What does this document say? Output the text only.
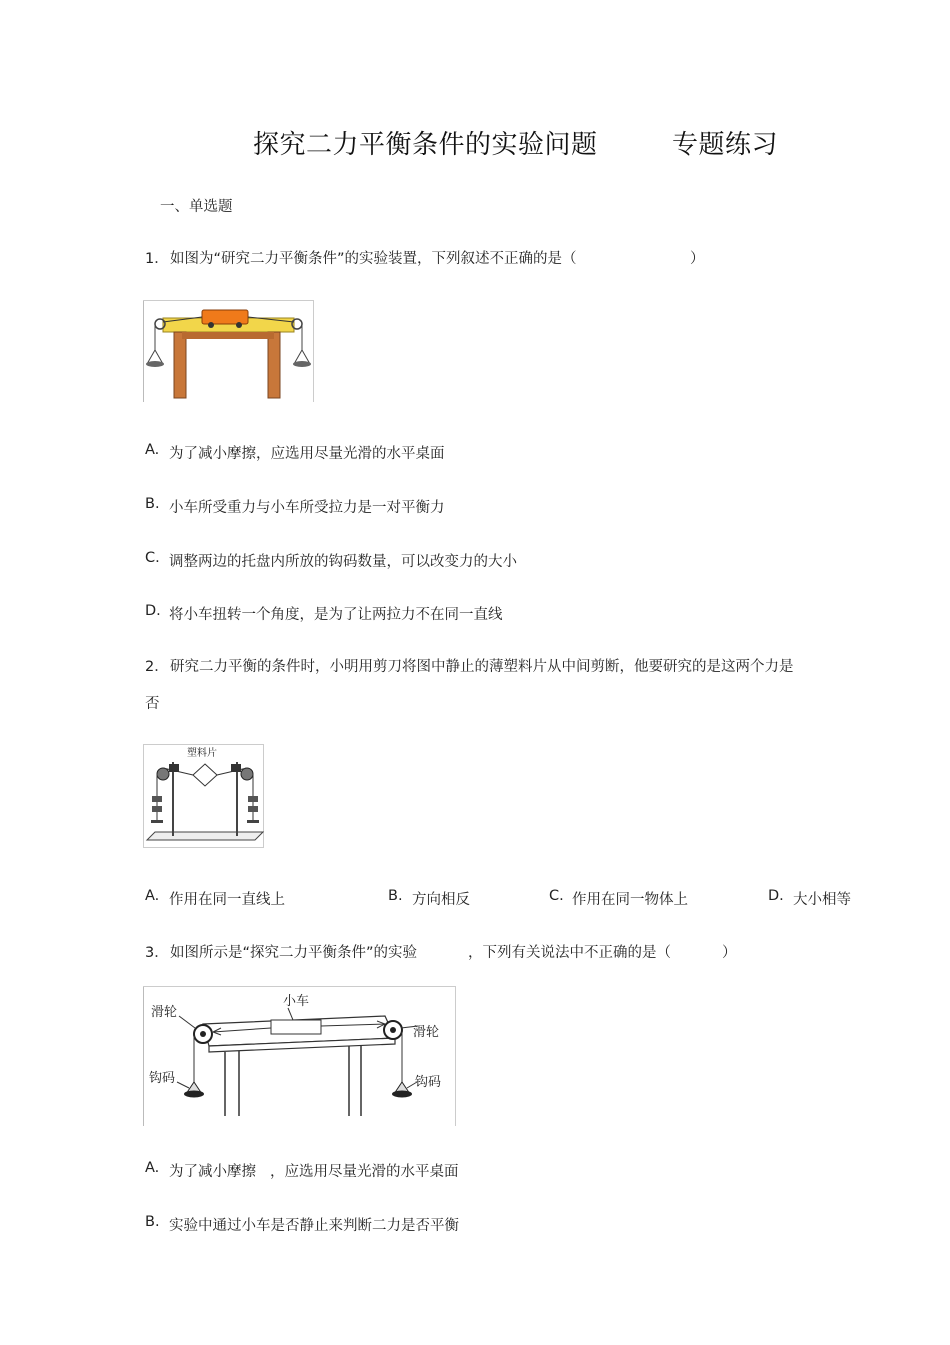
探究二力平衡条件的实验问题	专题练习
一、单选题
1． 如图为“研究二力平衡条件”的实验装置，下列叙述不正确的是（	）
A. 为了减小摩擦，应选用尽量光滑的水平桌面
B. 小车所受重力与小车所受拉力是一对平衡力
C. 调整两边的托盘内所放的钩码数量，可以改变力的大小
D. 将小车扭转一个角度，是为了让两拉力不在同一直线
2． 研究二力平衡的条件时，小明用剪刀将图中静止的薄塑料片从中间剪断，他要研究的是这两个力是
否
塑料片
A. 作用在同一直线上	B. 方向相反	C. 作用在同一物体上	D. 大小相等
3． 如图所示是“探究二力平衡条件”的实验	，下列有关说法中不正确的是（	）
小车
滑轮
滑轮
钩码	钩码
A. 为了减小摩擦 ，应选用尽量光滑的水平桌面
B. 实验中通过小车是否静止来判断二力是否平衡
